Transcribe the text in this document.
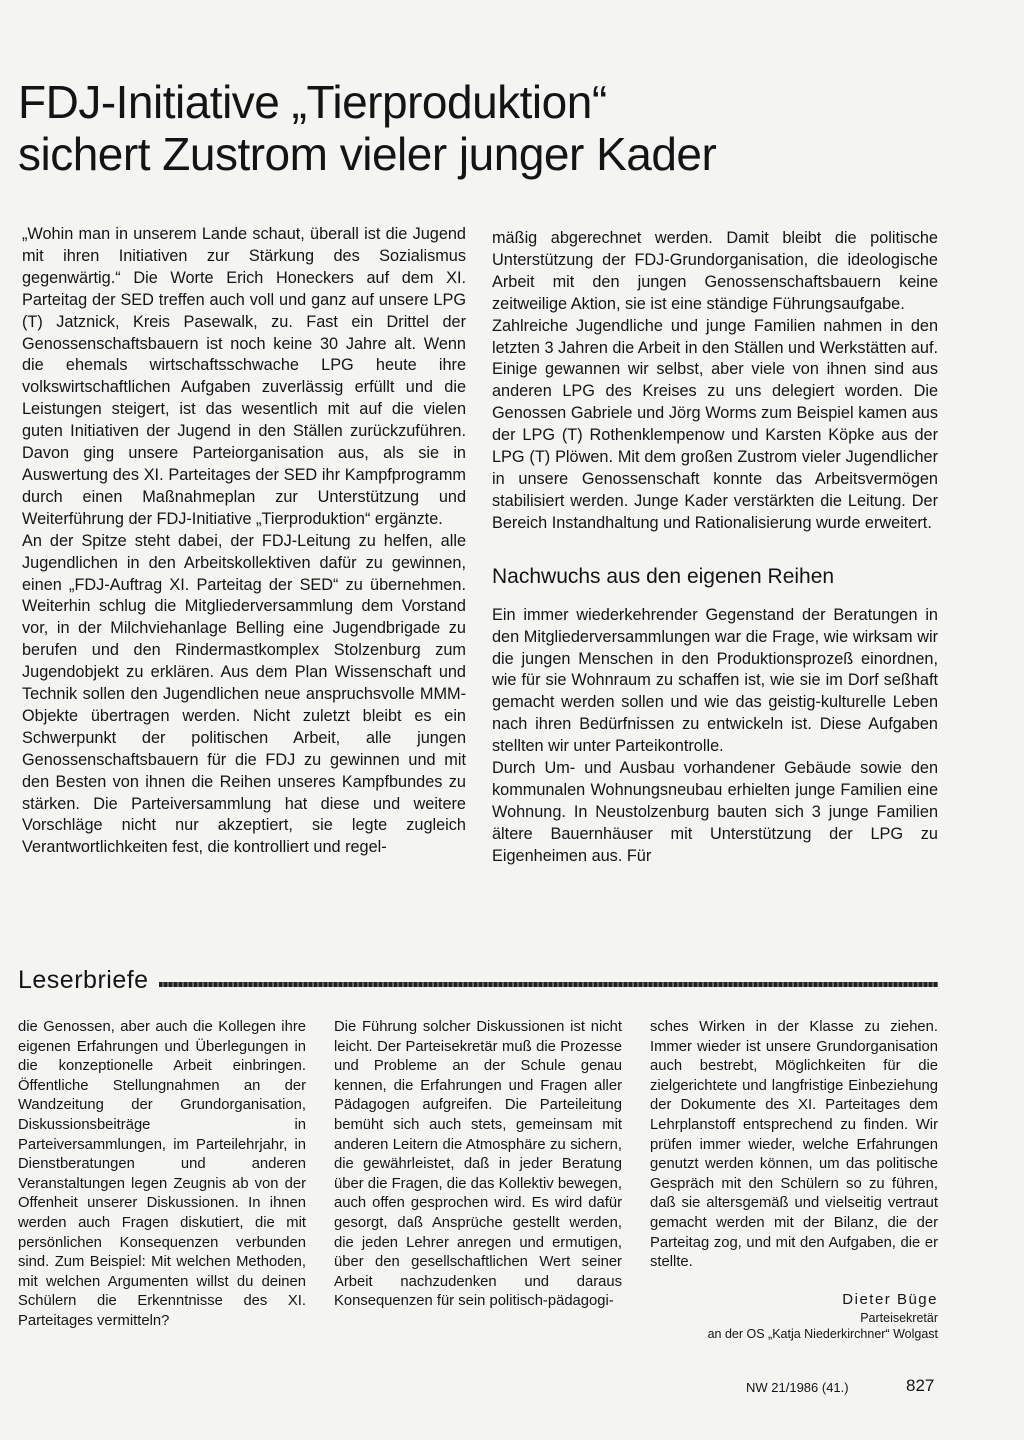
FDJ-Initiative „Tierproduktion“
sichert Zustrom vieler junger Kader

„Wohin man in unserem Lande schaut, überall ist die Jugend mit ihren Initiativen zur Stärkung des Sozialismus gegenwärtig.“ Die Worte Erich Honeckers auf dem XI. Parteitag der SED treffen auch voll und ganz auf unsere LPG (T) Jatznick, Kreis Pasewalk, zu. Fast ein Drittel der Genossenschaftsbauern ist noch keine 30 Jahre alt. Wenn die ehemals wirtschaftsschwache LPG heute ihre volkswirtschaftlichen Aufgaben zuverlässig erfüllt und die Leistungen steigert, ist das wesentlich mit auf die vielen guten Initiativen der Jugend in den Ställen zurückzuführen. Davon ging unsere Parteiorganisation aus, als sie in Auswertung des XI. Parteitages der SED ihr Kampfprogramm durch einen Maßnahmeplan zur Unterstützung und Weiterführung der FDJ-Initiative „Tierproduktion“ ergänzte.

An der Spitze steht dabei, der FDJ-Leitung zu helfen, alle Jugendlichen in den Arbeitskollektiven dafür zu gewinnen, einen „FDJ-Auftrag XI. Parteitag der SED“ zu übernehmen. Weiterhin schlug die Mitgliederversammlung dem Vorstand vor, in der Milchviehanlage Belling eine Jugendbrigade zu berufen und den Rindermastkomplex Stolzenburg zum Jugendobjekt zu erklären. Aus dem Plan Wissenschaft und Technik sollen den Jugendlichen neue anspruchsvolle MMM-Objekte übertragen werden. Nicht zuletzt bleibt es ein Schwerpunkt der politischen Arbeit, alle jungen Genossenschaftsbauern für die FDJ zu gewinnen und mit den Besten von ihnen die Reihen unseres Kampfbundes zu stärken. Die Parteiversammlung hat diese und weitere Vorschläge nicht nur akzeptiert, sie legte zugleich Verantwortlichkeiten fest, die kontrolliert und regel-

mäßig abgerechnet werden. Damit bleibt die politische Unterstützung der FDJ-Grundorganisation, die ideologische Arbeit mit den jungen Genossenschaftsbauern keine zeitweilige Aktion, sie ist eine ständige Führungsaufgabe.

Zahlreiche Jugendliche und junge Familien nahmen in den letzten 3 Jahren die Arbeit in den Ställen und Werkstätten auf. Einige gewannen wir selbst, aber viele von ihnen sind aus anderen LPG des Kreises zu uns delegiert worden. Die Genossen Gabriele und Jörg Worms zum Beispiel kamen aus der LPG (T) Rothenklempenow und Karsten Köpke aus der LPG (T) Plöwen. Mit dem großen Zustrom vieler Jugendlicher in unsere Genossenschaft konnte das Arbeitsvermögen stabilisiert werden. Junge Kader verstärkten die Leitung. Der Bereich Instandhaltung und Rationalisierung wurde erweitert.

Nachwuchs aus den eigenen Reihen

Ein immer wiederkehrender Gegenstand der Beratungen in den Mitgliederversammlungen war die Frage, wie wirksam wir die jungen Menschen in den Produktionsprozeß einordnen, wie für sie Wohnraum zu schaffen ist, wie sie im Dorf seßhaft gemacht werden sollen und wie das geistig-kulturelle Leben nach ihren Bedürfnissen zu entwickeln ist. Diese Aufgaben stellten wir unter Parteikontrolle.

Durch Um- und Ausbau vorhandener Gebäude sowie den kommunalen Wohnungsneubau erhielten junge Familien eine Wohnung. In Neustolzenburg bauten sich 3 junge Familien ältere Bauernhäuser mit Unterstützung der LPG zu Eigenheimen aus. Für

Leserbriefe

die Genossen, aber auch die Kollegen ihre eigenen Erfahrungen und Überlegungen in die konzeptionelle Arbeit einbringen. Öffentliche Stellungnahmen an der Wandzeitung der Grundorganisation, Diskussionsbeiträge in Parteiversammlungen, im Parteilehrjahr, in Dienstberatungen und anderen Veranstaltungen legen Zeugnis ab von der Offenheit unserer Diskussionen. In ihnen werden auch Fragen diskutiert, die mit persönlichen Konsequenzen verbunden sind. Zum Beispiel: Mit welchen Methoden, mit welchen Argumenten willst du deinen Schülern die Erkenntnisse des XI. Parteitages vermitteln?

Die Führung solcher Diskussionen ist nicht leicht. Der Parteisekretär muß die Prozesse und Probleme an der Schule genau kennen, die Erfahrungen und Fragen aller Pädagogen aufgreifen. Die Parteileitung bemüht sich auch stets, gemeinsam mit anderen Leitern die Atmosphäre zu sichern, die gewährleistet, daß in jeder Beratung über die Fragen, die das Kollektiv bewegen, auch offen gesprochen wird. Es wird dafür gesorgt, daß Ansprüche gestellt werden, die jeden Lehrer anregen und ermutigen, über den gesellschaftlichen Wert seiner Arbeit nachzudenken und daraus Konsequenzen für sein politisch-pädagogi-

sches Wirken in der Klasse zu ziehen. Immer wieder ist unsere Grundorganisation auch bestrebt, Möglichkeiten für die zielgerichtete und langfristige Einbeziehung der Dokumente des XI. Parteitages dem Lehrplanstoff entsprechend zu finden. Wir prüfen immer wieder, welche Erfahrungen genutzt werden können, um das politische Gespräch mit den Schülern so zu führen, daß sie altersgemäß und vielseitig vertraut gemacht werden mit der Bilanz, die der Parteitag zog, und mit den Aufgaben, die er stellte.

Dieter Büge
Parteisekretär
an der OS „Katja Niederkirchner“ Wolgast
NW 21/1986 (41.)	827
